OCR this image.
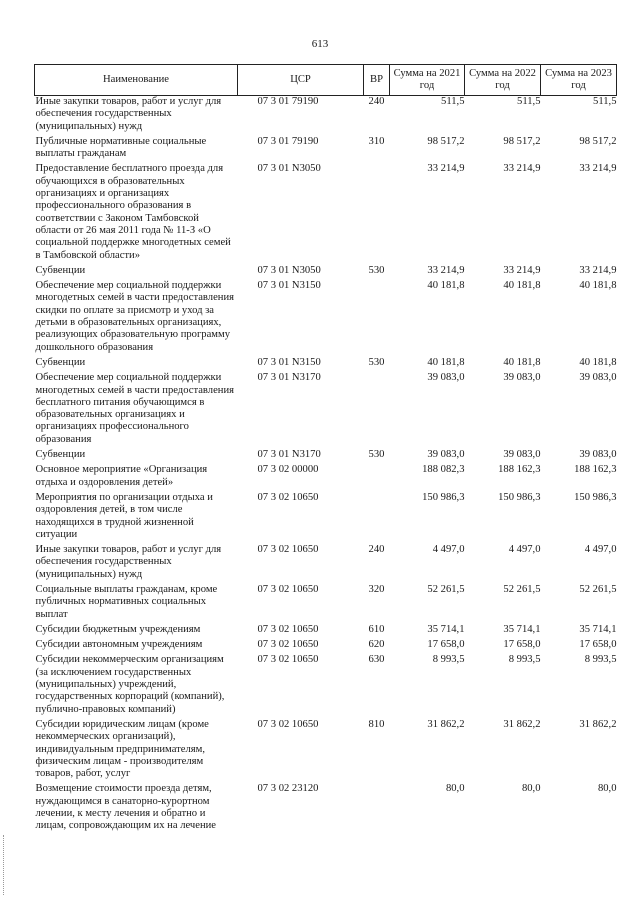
613
Наименование	ЦСР	ВР	Сумма на 2021 год	Сумма на 2022 год	Сумма на 2023 год
Иные закупки товаров, работ и услуг для обеспечения государственных (муниципальных) нужд	07 3 01 79190	240	511,5	511,5	511,5
Публичные нормативные социальные выплаты гражданам	07 3 01 79190	310	98 517,2	98 517,2	98 517,2
Предоставление бесплатного проезда для обучающихся в образовательных организациях и организациях профессионального образования в соответствии с Законом Тамбовской области от 26 мая 2011 года № 11-З «О социальной поддержке многодетных семей в Тамбовской области»	07 3 01 N3050		33 214,9	33 214,9	33 214,9
Субвенции	07 3 01 N3050	530	33 214,9	33 214,9	33 214,9
Обеспечение мер социальной поддержки многодетных семей в части предоставления скидки по оплате за присмотр и уход за детьми в образовательных организациях, реализующих образовательную программу дошкольного образования	07 3 01 N3150		40 181,8	40 181,8	40 181,8
Субвенции	07 3 01 N3150	530	40 181,8	40 181,8	40 181,8
Обеспечение мер социальной поддержки многодетных семей в части предоставления бесплатного питания обучающимся в образовательных организациях и организациях профессионального образования	07 3 01 N3170		39 083,0	39 083,0	39 083,0
Субвенции	07 3 01 N3170	530	39 083,0	39 083,0	39 083,0
Основное мероприятие «Организация отдыха и оздоровления детей»	07 3 02 00000		188 082,3	188 162,3	188 162,3
Мероприятия по организации отдыха и оздоровления детей, в том числе находящихся в трудной жизненной ситуации	07 3 02 10650		150 986,3	150 986,3	150 986,3
Иные закупки товаров, работ и услуг для обеспечения государственных (муниципальных) нужд	07 3 02 10650	240	4 497,0	4 497,0	4 497,0
Социальные выплаты гражданам, кроме публичных нормативных социальных выплат	07 3 02 10650	320	52 261,5	52 261,5	52 261,5
Субсидии бюджетным учреждениям	07 3 02 10650	610	35 714,1	35 714,1	35 714,1
Субсидии автономным учреждениям	07 3 02 10650	620	17 658,0	17 658,0	17 658,0
Субсидии некоммерческим организациям (за исключением государственных (муниципальных) учреждений, государственных корпораций (компаний), публично-правовых компаний)	07 3 02 10650	630	8 993,5	8 993,5	8 993,5
Субсидии юридическим лицам (кроме некоммерческих организаций), индивидуальным предпринимателям, физическим лицам - производителям товаров, работ, услуг	07 3 02 10650	810	31 862,2	31 862,2	31 862,2
Возмещение стоимости проезда детям, нуждающимся в санаторно-курортном лечении, к месту лечения и обратно и лицам, сопровождающим их на лечение	07 3 02 23120		80,0	80,0	80,0
